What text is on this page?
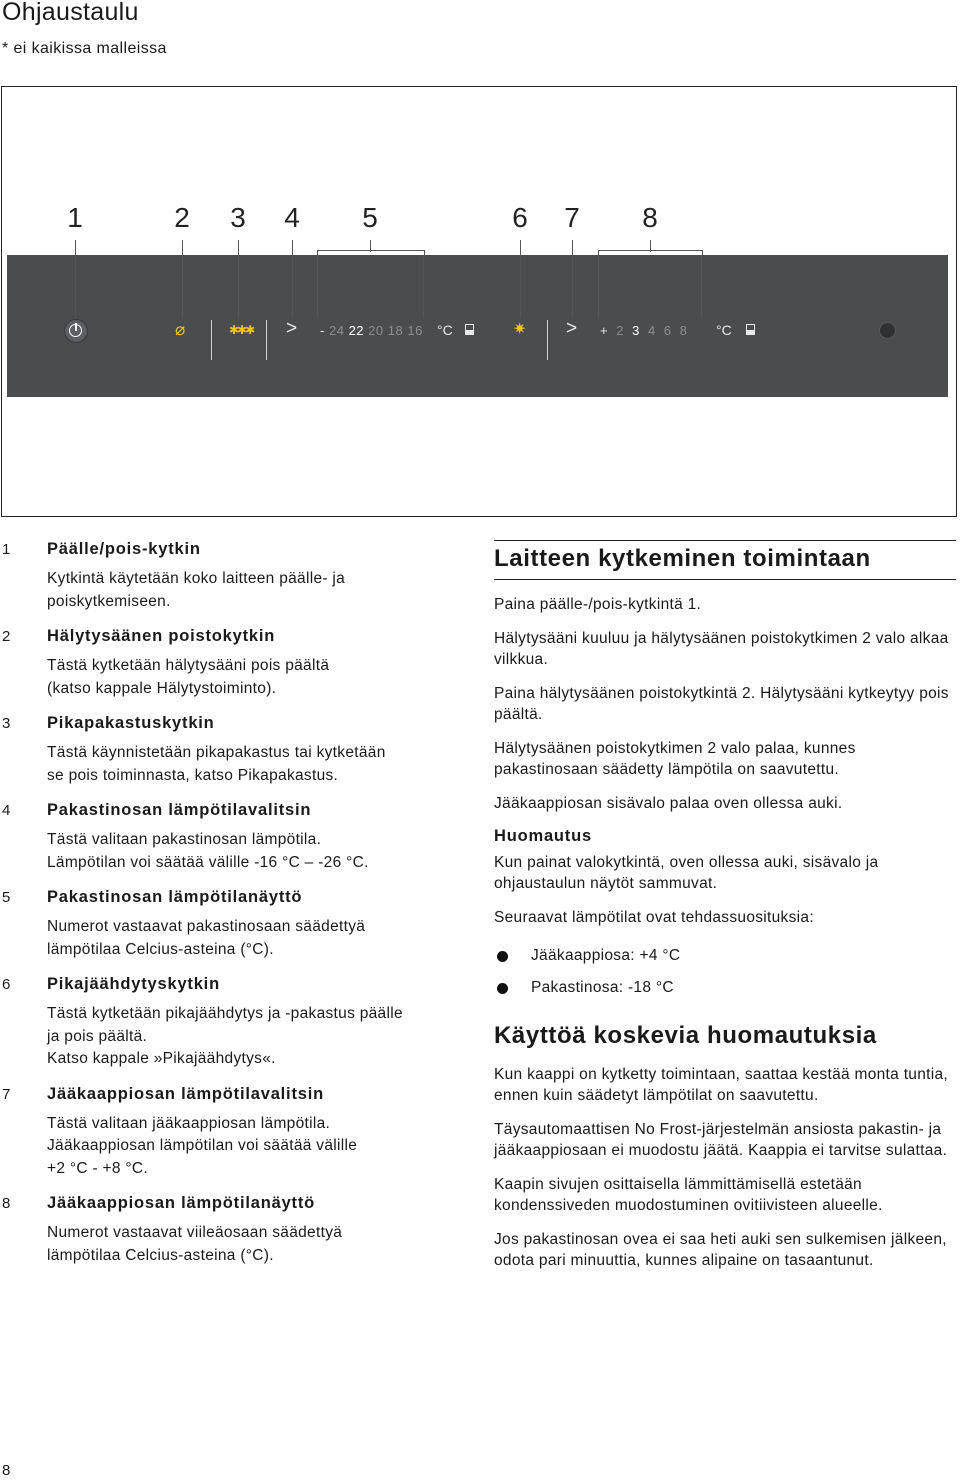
Ohjaustaulu
* ei kaikissa malleissa
1	2 3 4 5	6 7 8
⌀	✱✱✱ > - 24 22 20 18 16 °C	✷ > + 2 3 4 6 8 °C
1 Päälle/pois-kytkin

Kytkintä käytetään koko laitteen päälle- ja
poiskytkemiseen.

2 Hälytysäänen poistokytkin

Tästä kytketään hälytysääni pois päältä
(katso kappale Hälytystoiminto).

3 Pikapakastuskytkin

Tästä käynnistetään pikapakastus tai kytketään
se pois toiminnasta, katso Pikapakastus.

4 Pakastinosan lämpötilavalitsin

Tästä valitaan pakastinosan lämpötila.
Lämpötilan voi säätää välille -16 °C – -26 °C.

5 Pakastinosan lämpötilanäyttö

Numerot vastaavat pakastinosaan säädettyä
lämpötilaa Celcius-asteina (°C).

6 Pikajäähdytyskytkin

Tästä kytketään pikajäähdytys ja -pakastus päälle
ja pois päältä.
Katso kappale »Pikajäähdytys«.

7 Jääkaappiosan lämpötilavalitsin

Tästä valitaan jääkaappiosan lämpötila.
Jääkaappiosan lämpötilan voi säätää välille
+2 °C - +8 °C.

8 Jääkaappiosan lämpötilanäyttö

Numerot vastaavat viileäosaan säädettyä
lämpötilaa Celcius-asteina (°C).

Laitteen kytkeminen toimintaan

Paina päälle-/pois-kytkintä 1.

Hälytysääni kuuluu ja hälytysäänen poistokytkimen 2 valo alkaa vilkkua.

Paina hälytysäänen poistokytkintä 2. Hälytysääni kytkeytyy pois päältä.

Hälytysäänen poistokytkimen 2 valo palaa, kunnes pakastinosaan säädetty lämpötila on saavutettu.

Jääkaappiosan sisävalo palaa oven ollessa auki.

Huomautus

Kun painat valokytkintä, oven ollessa auki, sisävalo ja ohjaustaulun näytöt sammuvat.

Seuraavat lämpötilat ovat tehdassuosituksia:

Jääkaappiosa: +4 °C
Pakastinosa: -18 °C
Käyttöä koskevia huomautuksia

Kun kaappi on kytketty toimintaan, saattaa kestää monta tuntia, ennen kuin säädetyt lämpötilat on saavutettu.

Täysautomaattisen No Frost-järjestelmän ansiosta pakastin- ja jääkaappiosaan ei muodostu jäätä. Kaappia ei tarvitse sulattaa.

Kaapin sivujen osittaisella lämmittämisellä estetään kondenssiveden muodostuminen ovitiivisteen alueelle.

Jos pakastinosan ovea ei saa heti auki sen sulkemisen jälkeen, odota pari minuuttia, kunnes alipaine on tasaantunut.

8
